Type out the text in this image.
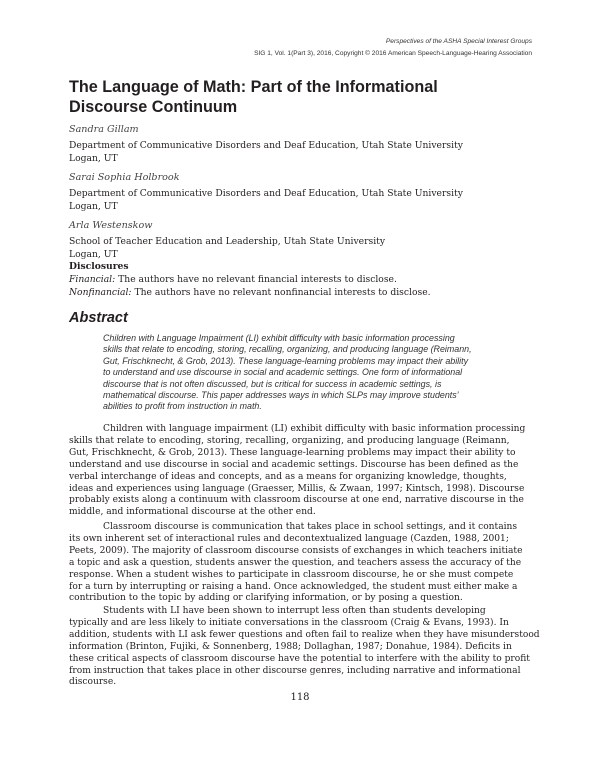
Perspectives of the ASHA Special Interest Groups
SIG 1, Vol. 1(Part 3), 2016, Copyright © 2016 American Speech-Language-Hearing Association
The Language of Math: Part of the Informational
Discourse Continuum
Sandra Gillam
Department of Communicative Disorders and Deaf Education, Utah State University
Logan, UT
Sarai Sophia Holbrook
Department of Communicative Disorders and Deaf Education, Utah State University
Logan, UT
Arla Westenskow
School of Teacher Education and Leadership, Utah State University
Logan, UT
Disclosures
Financial: The authors have no relevant financial interests to disclose.
Nonfinancial: The authors have no relevant nonfinancial interests to disclose.
Abstract
Children with Language Impairment (LI) exhibit difficulty with basic information processing
skills that relate to encoding, storing, recalling, organizing, and producing language (Reimann,
Gut, Frischknecht, & Grob, 2013). These language-learning problems may impact their ability
to understand and use discourse in social and academic settings. One form of informational
discourse that is not often discussed, but is critical for success in academic settings, is
mathematical discourse. This paper addresses ways in which SLPs may improve students’
abilities to profit from instruction in math.
Children with language impairment (LI) exhibit difficulty with basic information processing
skills that relate to encoding, storing, recalling, organizing, and producing language (Reimann,
Gut, Frischknecht, & Grob, 2013). These language-learning problems may impact their ability to
understand and use discourse in social and academic settings. Discourse has been defined as the
verbal interchange of ideas and concepts, and as a means for organizing knowledge, thoughts,
ideas and experiences using language (Graesser, Millis, & Zwaan, 1997; Kintsch, 1998). Discourse
probably exists along a continuum with classroom discourse at one end, narrative discourse in the
middle, and informational discourse at the other end.
Classroom discourse is communication that takes place in school settings, and it contains
its own inherent set of interactional rules and decontextualized language (Cazden, 1988, 2001;
Peets, 2009). The majority of classroom discourse consists of exchanges in which teachers initiate
a topic and ask a question, students answer the question, and teachers assess the accuracy of the
response. When a student wishes to participate in classroom discourse, he or she must compete
for a turn by interrupting or raising a hand. Once acknowledged, the student must either make a
contribution to the topic by adding or clarifying information, or by posing a question.
Students with LI have been shown to interrupt less often than students developing
typically and are less likely to initiate conversations in the classroom (Craig & Evans, 1993). In
addition, students with LI ask fewer questions and often fail to realize when they have misunderstood
information (Brinton, Fujiki, & Sonnenberg, 1988; Dollaghan, 1987; Donahue, 1984). Deficits in
these critical aspects of classroom discourse have the potential to interfere with the ability to profit
from instruction that takes place in other discourse genres, including narrative and informational
discourse.
118
